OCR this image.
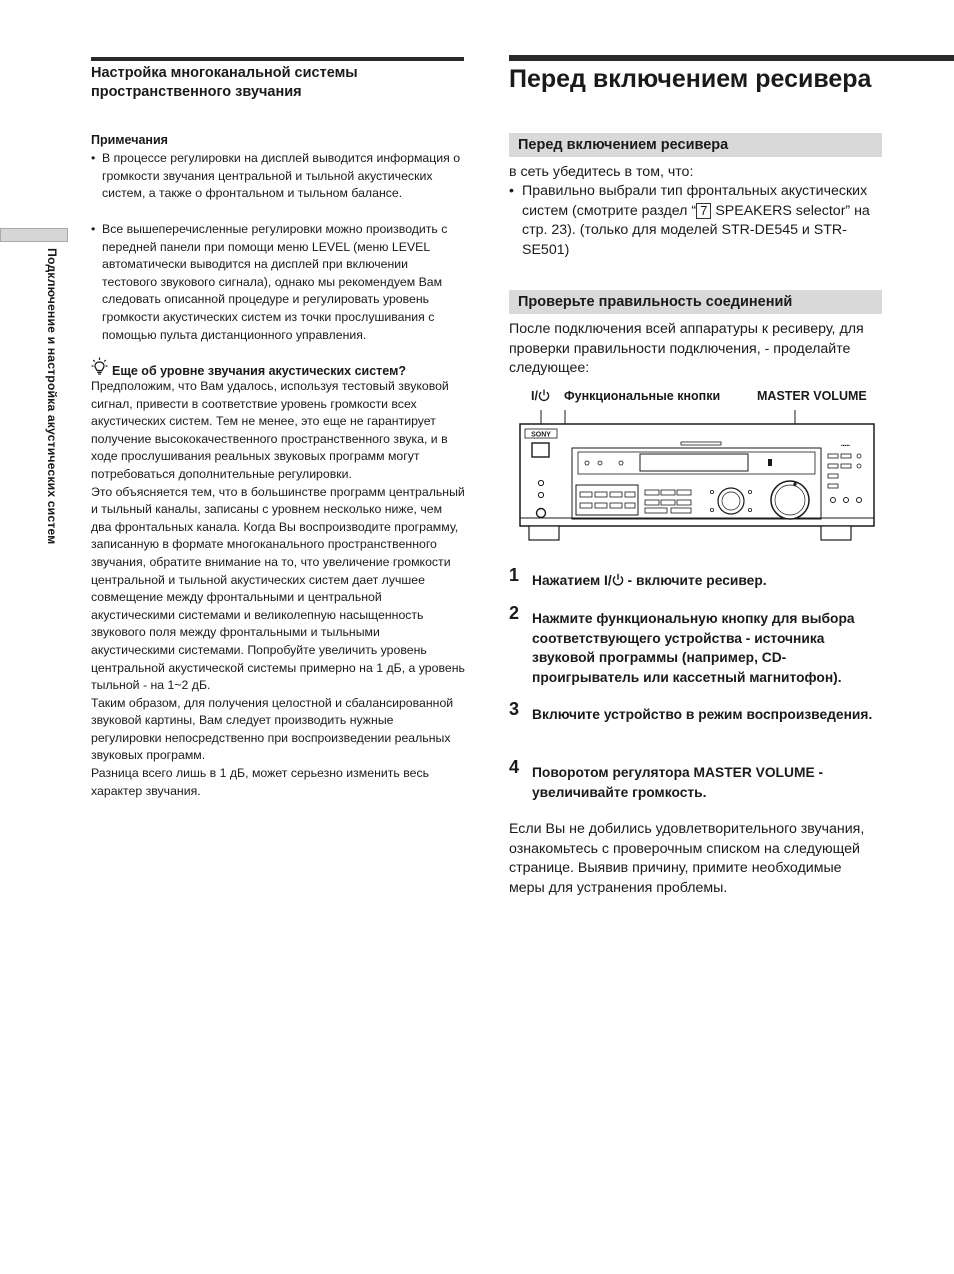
Подключение и настройка акустических систем
Настройка многоканальной системы пространственного звучания
Примечания
• В процессе регулировки на дисплей выводится информация о громкости звучания центральной и тыльной акустических систем, а также о фронтальном и тыльном балансе.
• Все вышеперечисленные регулировки можно производить с передней панели при помощи меню LEVEL (меню LEVEL автоматически выводится на дисплей при включении тестового звукового сигнала), однако мы рекомендуем Вам следовать описанной процедуре и регулировать уровень громкости акустических систем из точки прослушивания с помощью пульта дистанционного управления.
Еще об уровне звучания акустических систем?

Предположим, что Вам удалось, используя тестовый звуковой сигнал, привести в соответствие уровень громкости всех акустических систем. Тем не менее, это еще не гарантирует получение высококачественного пространственного звука, и в ходе прослушивания реальных звуковых программ могут потребоваться дополнительные регулировки.

Это объясняется тем, что в большинстве программ центральный и тыльный каналы, записаны с уровнем несколько ниже, чем два фронтальных канала. Когда Вы воспроизводите программу, записанную в формате многоканального пространственного звучания, обратите внимание на то, что увеличение громкости центральной и тыльной акустических систем дает лучшее совмещение между фронтальными и центральной акустическими системами и великолепную насыщенность звукового поля между фронтальными и тыльными акустическими системами. Попробуйте увеличить уровень центральной акустической системы примерно на 1 дБ, а уровень тыльной - на 1~2 дБ.

Таким образом, для получения целостной и сбалансированной звуковой картины, Вам следует производить нужные регулировки непосредственно при воспроизведении реальных звуковых программ.

Разница всего лишь в 1 дБ, может серьезно изменить весь характер звучания.

Перед включением ресивера
Перед включением ресивера
в сеть убедитесь в том, что:
• Правильно выбрали тип фронтальных акустических систем (смотрите раздел “ 7 SPEAKERS selector” на стр. 23). (только для моделей STR-DE545 и STR-SE501)
Проверьте правильность соединений
После подключения всей аппаратуры к ресиверу, для проверки правильности подключения, - проделайте следующее:
I/	Функциональные кнопки	MASTER VOLUME
SONY
▪▪▪▪▪
1 Нажатием I/ - включите ресивер.
2 Нажмите функциональную кнопку для выбора соответствующего устройства - источника звуковой программы (например, CD-проигрыватель или кассетный магнитофон).
3 Включите устройство в режим воспроизведения.
4 Поворотом регулятора MASTER VOLUME - увеличивайте громкость.
Если Вы не добились удовлетворительного звучания, ознакомьтесь с проверочным списком на следующей странице. Выявив причину, примите необходимые меры для устранения проблемы.
